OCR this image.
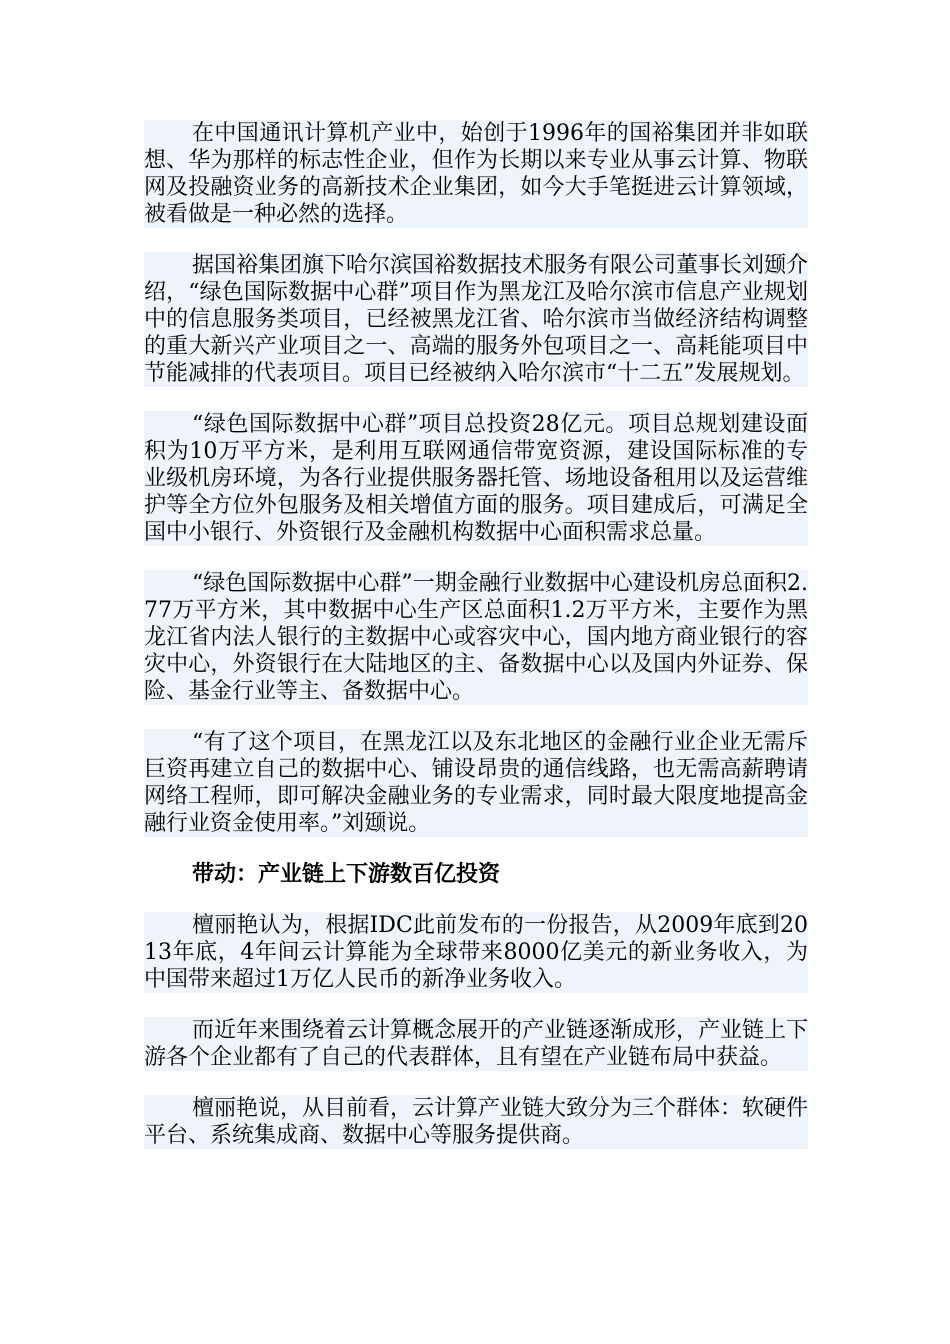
在中国通讯计算机产业中，始创于1996年的国裕集团并非如联想、华为那样的标志性企业，但作为长期以来专业从事云计算、物联网及投融资业务的高新技术企业集团，如今大手笔挺进云计算领域，被看做是一种必然的选择。

据国裕集团旗下哈尔滨国裕数据技术服务有限公司董事长刘颋介绍，“绿色国际数据中心群”项目作为黑龙江及哈尔滨市信息产业规划中的信息服务类项目，已经被黑龙江省、哈尔滨市当做经济结构调整的重大新兴产业项目之一、高端的服务外包项目之一、高耗能项目中节能减排的代表项目。项目已经被纳入哈尔滨市“十二五”发展规划。

“绿色国际数据中心群”项目总投资28亿元。项目总规划建设面积为10万平方米，是利用互联网通信带宽资源，建设国际标准的专业级机房环境，为各行业提供服务器托管、场地设备租用以及运营维护等全方位外包服务及相关增值方面的服务。项目建成后，可满足全国中小银行、外资银行及金融机构数据中心面积需求总量。

“绿色国际数据中心群”一期金融行业数据中心建设机房总面积2.77万平方米，其中数据中心生产区总面积1.2万平方米，主要作为黑龙江省内法人银行的主数据中心或容灾中心，国内地方商业银行的容灾中心，外资银行在大陆地区的主、备数据中心以及国内外证券、保险、基金行业等主、备数据中心。

“有了这个项目，在黑龙江以及东北地区的金融行业企业无需斥巨资再建立自己的数据中心、铺设昂贵的通信线路，也无需高薪聘请网络工程师，即可解决金融业务的专业需求，同时最大限度地提高金融行业资金使用率。”刘颋说。

带动：产业链上下游数百亿投资

檀丽艳认为，根据IDC此前发布的一份报告，从2009年底到2013年底，4年间云计算能为全球带来8000亿美元的新业务收入，为中国带来超过1万亿人民币的新净业务收入。

而近年来围绕着云计算概念展开的产业链逐渐成形，产业链上下游各个企业都有了自己的代表群体，且有望在产业链布局中获益。

檀丽艳说，从目前看，云计算产业链大致分为三个群体：软硬件平台、系统集成商、数据中心等服务提供商。
